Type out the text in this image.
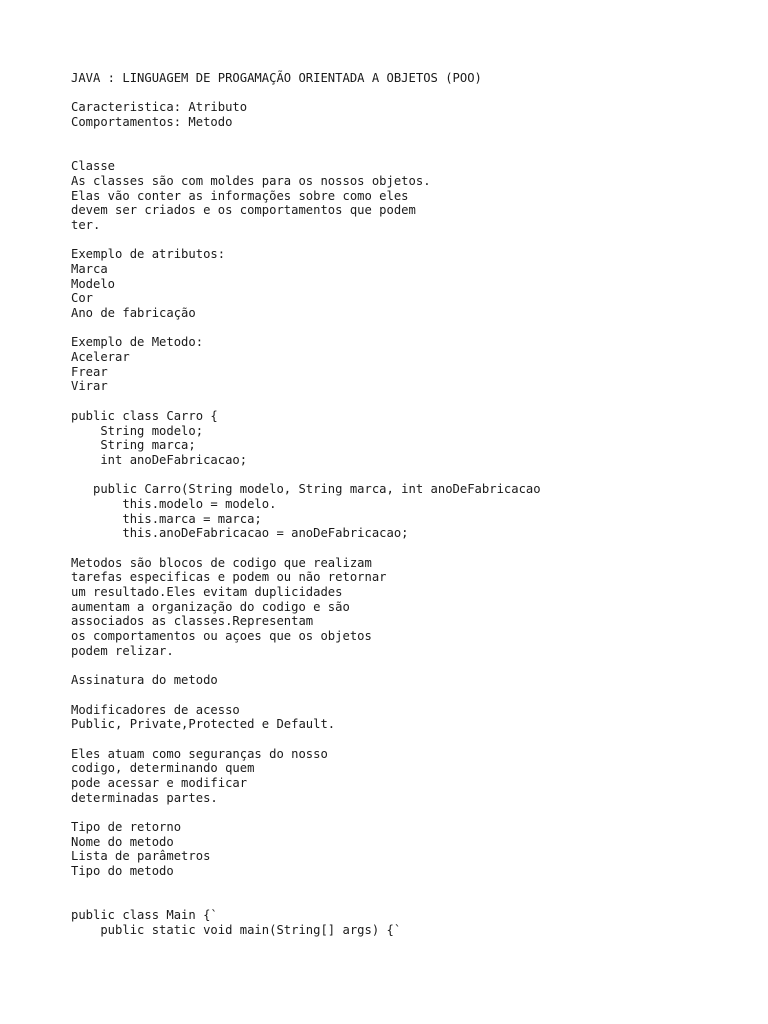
JAVA : LINGUAGEM DE PROGAMAÇÃO ORIENTADA A OBJETOS (POO)
Caracteristica: Atributo
Comportamentos: Metodo
Classe
As classes são com moldes para os nossos objetos.
Elas vão conter as informações sobre como eles
devem ser criados e os comportamentos que podem
ter.
Exemplo de atributos:
Marca
Modelo
Cor
Ano de fabricação
Exemplo de Metodo:
Acelerar
Frear
Virar
public class Carro {
String modelo;
String marca;
int anoDeFabricacao;
public Carro(String modelo, String marca, int anoDeFabricacao
this.modelo = modelo.
this.marca = marca;
this.anoDeFabricacao = anoDeFabricacao;
Metodos são blocos de codigo que realizam
tarefas especificas e podem ou não retornar
um resultado.Eles evitam duplicidades
aumentam a organização do codigo e são
associados as classes.Representam
os comportamentos ou açoes que os objetos
podem relizar.
Assinatura do metodo
Modificadores de acesso
Public, Private,Protected e Default.
Eles atuam como seguranças do nosso
codigo, determinando quem
pode acessar e modificar
determinadas partes.
Tipo de retorno
Nome do metodo
Lista de parâmetros
Tipo do metodo
public class Main {`
public static void main(String[] args) {`
